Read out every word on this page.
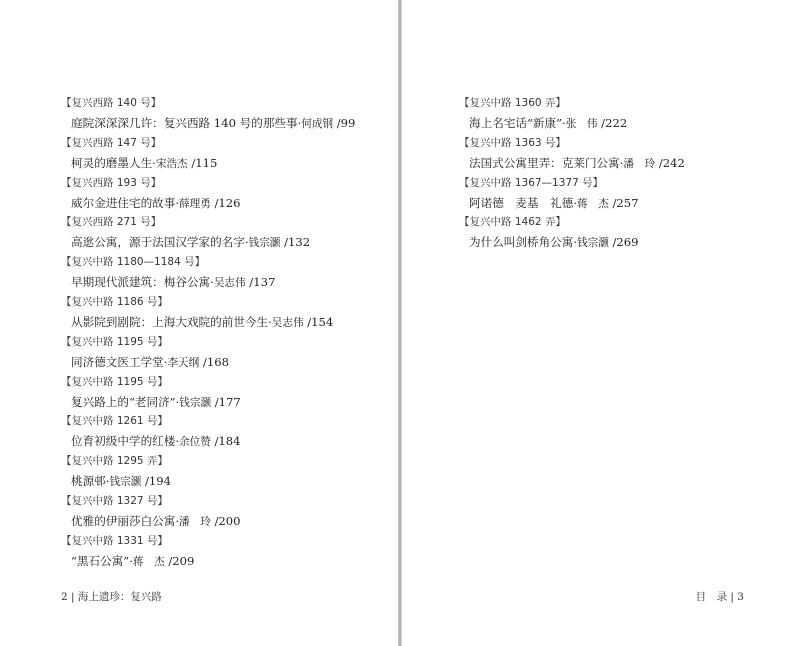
【复兴西路 140 号】
庭院深深深几许：复兴西路 140 号的那些事·何成钢 /99
【复兴西路 147 号】
柯灵的磨墨人生·宋浩杰 /115
【复兴西路 193 号】
威尔金进住宅的故事·薛理勇 /126
【复兴西路 271 号】
高逖公寓，源于法国汉学家的名字·钱宗灏 /132
【复兴中路 1180—1184 号】
早期现代派建筑：梅谷公寓·吴志伟 /137
【复兴中路 1186 号】
从影院到剧院：上海大戏院的前世今生·吴志伟 /154
【复兴中路 1195 号】
同济德文医工学堂·李天纲 /168
【复兴中路 1195 号】
复兴路上的“老同济”·钱宗灏 /177
【复兴中路 1261 号】
位育初级中学的红楼·余位赞 /184
【复兴中路 1295 弄】
桃源邨·钱宗灏 /194
【复兴中路 1327 号】
优雅的伊丽莎白公寓·潘　玲 /200
【复兴中路 1331 号】
“黑石公寓”·蒋　杰 /209
2 | 海上遗珍：复兴路
【复兴中路 1360 弄】
海上名宅话“新康”·张　伟 /222
【复兴中路 1363 号】
法国式公寓里弄：克莱门公寓·潘　玲 /242
【复兴中路 1367—1377 号】
阿诺德　麦基　礼德·蒋　杰 /257
【复兴中路 1462 弄】
为什么叫剑桥角公寓·钱宗灏 /269
目　录 | 3
